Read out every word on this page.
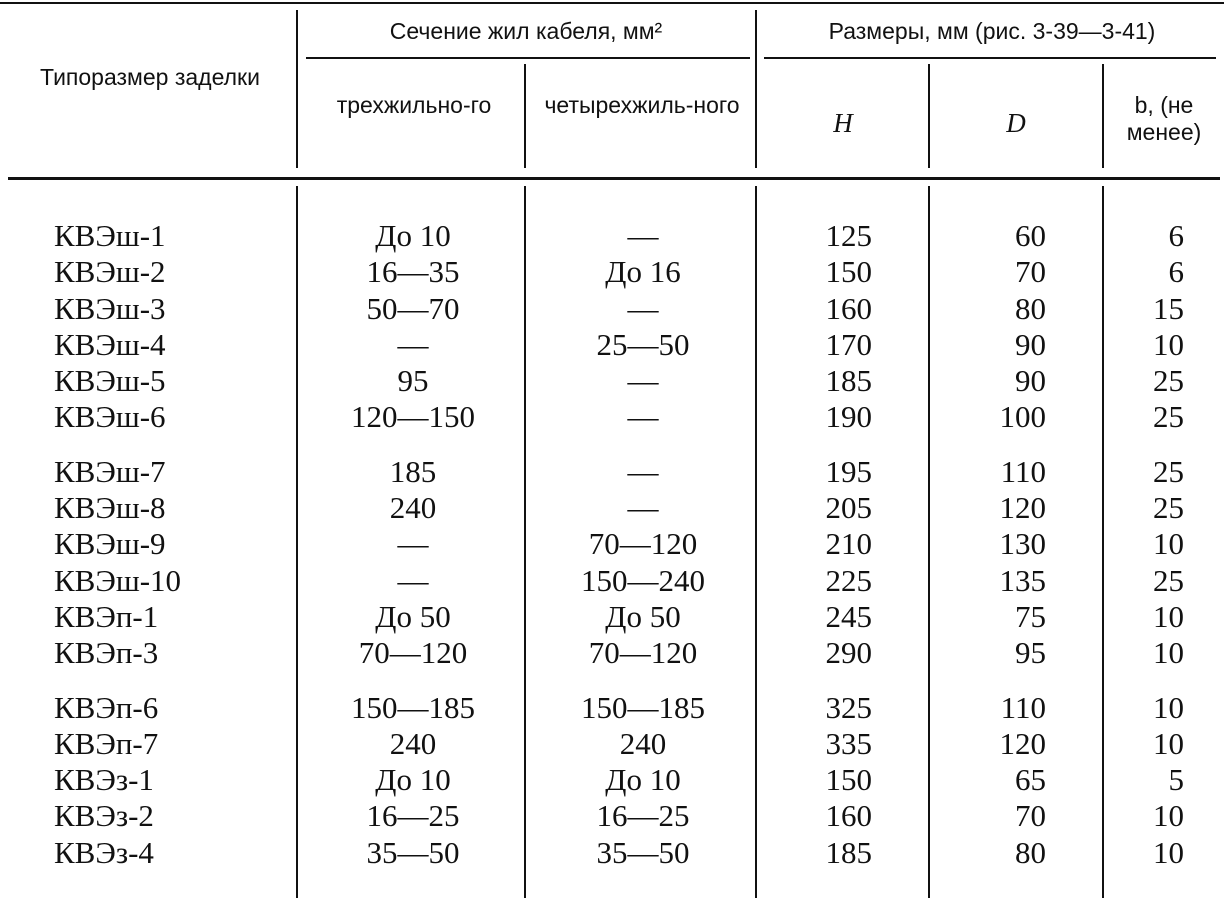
Типоразмер заделки
Сечение жил кабеля, мм²
трехжильно-го	четырехжиль-ного
Размеры, мм (рис. 3-39—3-41)
H	D
b, (не менее)
КВЭш-1	До 10	—	125	60	6
КВЭш-2	16—35	До 16	150	70	6
КВЭш-3	50—70	—	160	80	15
КВЭш-4	—	25—50	170	90	10
КВЭш-5	95	—	185	90	25
КВЭш-6	120—150	—	190	100	25
КВЭш-7	185	—	195	110	25
КВЭш-8	240	—	205	120	25
КВЭш-9	—	70—120	210	130	10
КВЭш-10	—	150—240	225	135	25
КВЭп-1	До 50	До 50	245	75	10
КВЭп-3	70—120	70—120	290	95	10
КВЭп-6	150—185	150—185	325	110	10
КВЭп-7	240	240	335	120	10
КВЭз-1	До 10	До 10	150	65	5
КВЭз-2	16—25	16—25	160	70	10
КВЭз-4	35—50	35—50	185	80	10
